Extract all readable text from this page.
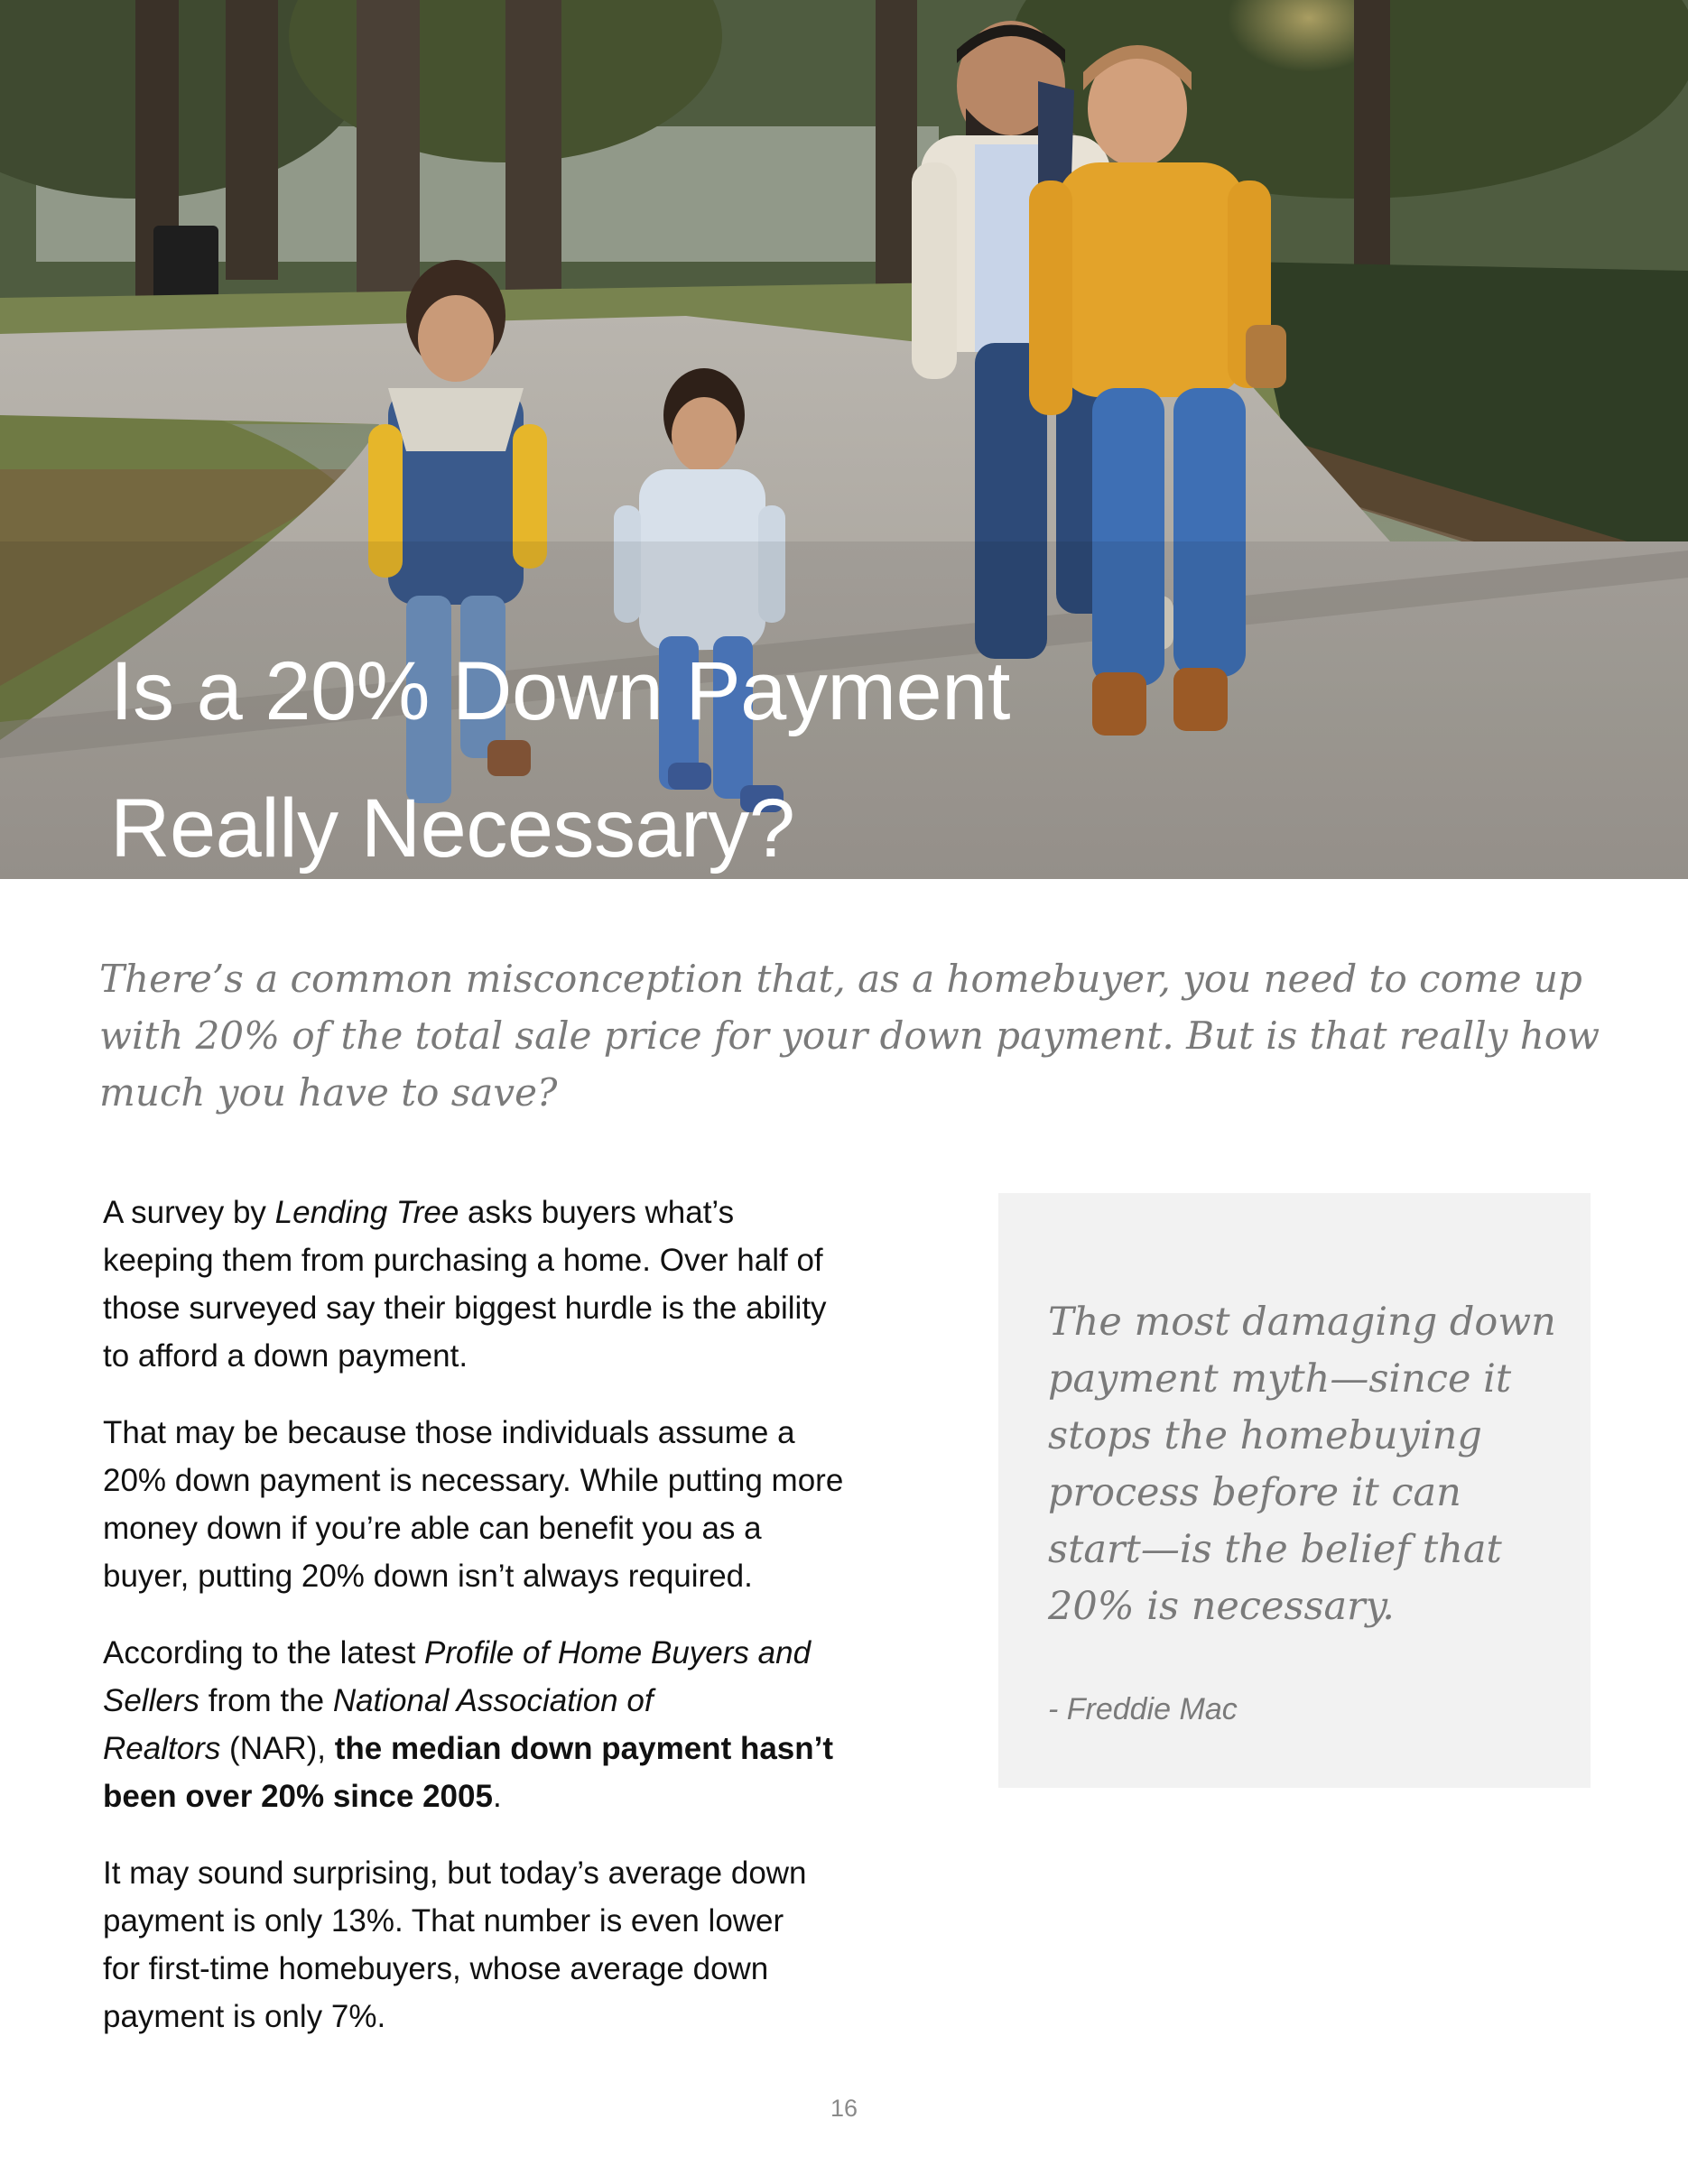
Is a 20% Down Payment
Really Necessary?

There’s a common misconception that, as a homebuyer, you need to come up
with 20% of the total sale price for your down payment. But is that really how
much you have to save?

A survey by Lending Tree asks buyers what’s
keeping them from purchasing a home. Over half of
those surveyed say their biggest hurdle is the ability
to afford a down payment.

That may be because those individuals assume a
20% down payment is necessary. While putting more
money down if you’re able can benefit you as a
buyer, putting 20% down isn’t always required.

According to the latest Profile of Home Buyers and
Sellers from the National Association of
Realtors (NAR), the median down payment hasn’t
been over 20% since 2005.

It may sound surprising, but today’s average down
payment is only 13%. That number is even lower
for first-time homebuyers, whose average down
payment is only 7%.

The most damaging down
payment myth—since it
stops the homebuying
process before it can
start—is the belief that
20% is necessary.

- Freddie Mac
16
